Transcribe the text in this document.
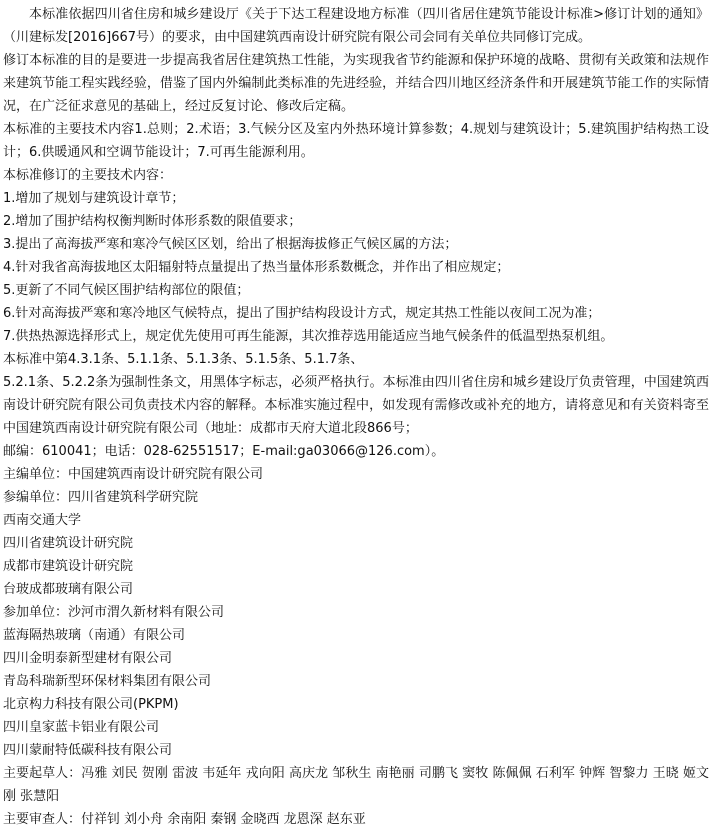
本标准依据四川省住房和城乡建设厅《关于下达工程建设地方标准（四川省居住建筑节能设计标准>修订计划的通知》（川建标发[2016]667号）的要求，由中国建筑西南设计研究院有限公司会同有关单位共同修订完成。

修订本标准的目的是要进一步提高我省居住建筑热工性能，为实现我省节约能源和保护环境的战略、贯彻有关政策和法规作来建筑节能工程实践经验，借鉴了国内外编制此类标准的先进经验，并结合四川地区经济条件和开展建筑节能工作的实际情况，在广泛征求意见的基础上，经过反复讨论、修改后定稿。

本标准的主要技术内容1.总则；2.术语；3.气候分区及室内外热环境计算参数；4.规划与建筑设计；5.建筑围护结构热工设计；6.供暖通风和空调节能设计；7.可再生能源利用。

本标准修订的主要技术内容：

1.增加了规划与建筑设计章节；

2.增加了围护结构权衡判断时体形系数的限值要求；

3.提出了高海拔严寒和寒冷气候区区划，给出了根据海拔修正气候区属的方法；

4.针对我省高海拔地区太阳辐射特点量提出了热当量体形系数概念，并作出了相应规定；

5.更新了不同气候区围护结构部位的限值；

6.针对高海拔严寒和寒冷地区气候特点，提出了围护结构段设计方式，规定其热工性能以夜间工况为准；

7.供热热源选择形式上，规定优先使用可再生能源，其次推荐选用能适应当地气候条件的低温型热泵机组。

本标准中第4.3.1条、5.1.1条、5.1.3条、5.1.5条、5.1.7条、

5.2.1条、5.2.2条为强制性条文，用黑体字标志，必须严格执行。本标准由四川省住房和城乡建设厅负责管理，中国建筑西南设计研究院有限公司负责技术内容的解释。本标准实施过程中，如发现有需修改或补充的地方，请将意见和有关资料寄至中国建筑西南设计研究院有限公司（地址：成都市天府大道北段866号；

邮编：610041；电话：028-62551517；E-mail:ga03066@126.com）。

主编单位：中国建筑西南设计研究院有限公司

参编单位：四川省建筑科学研究院

西南交通大学

四川省建筑设计研究院

成都市建筑设计研究院

台玻成都玻璃有限公司

参加单位：沙河市渭久新材料有限公司

蓝海隔热玻璃（南通）有限公司

四川金明泰新型建材有限公司

青岛科瑞新型环保材料集团有限公司

北京构力科技有限公司(PKPM)

四川皇家蓝卡铝业有限公司

四川蒙耐特低碳科技有限公司

主要起草人：冯雅 刘民 贺刚 雷波 韦延年 戎向阳 高庆龙 邹秋生 南艳丽 司鹏飞 窦牧 陈佩佩 石利军 钟辉 智黎力 王晓 姬文刚 张慧阳

主要审查人：付祥钊 刘小舟 余南阳 秦钢 金晓西 龙恩深 赵东亚
